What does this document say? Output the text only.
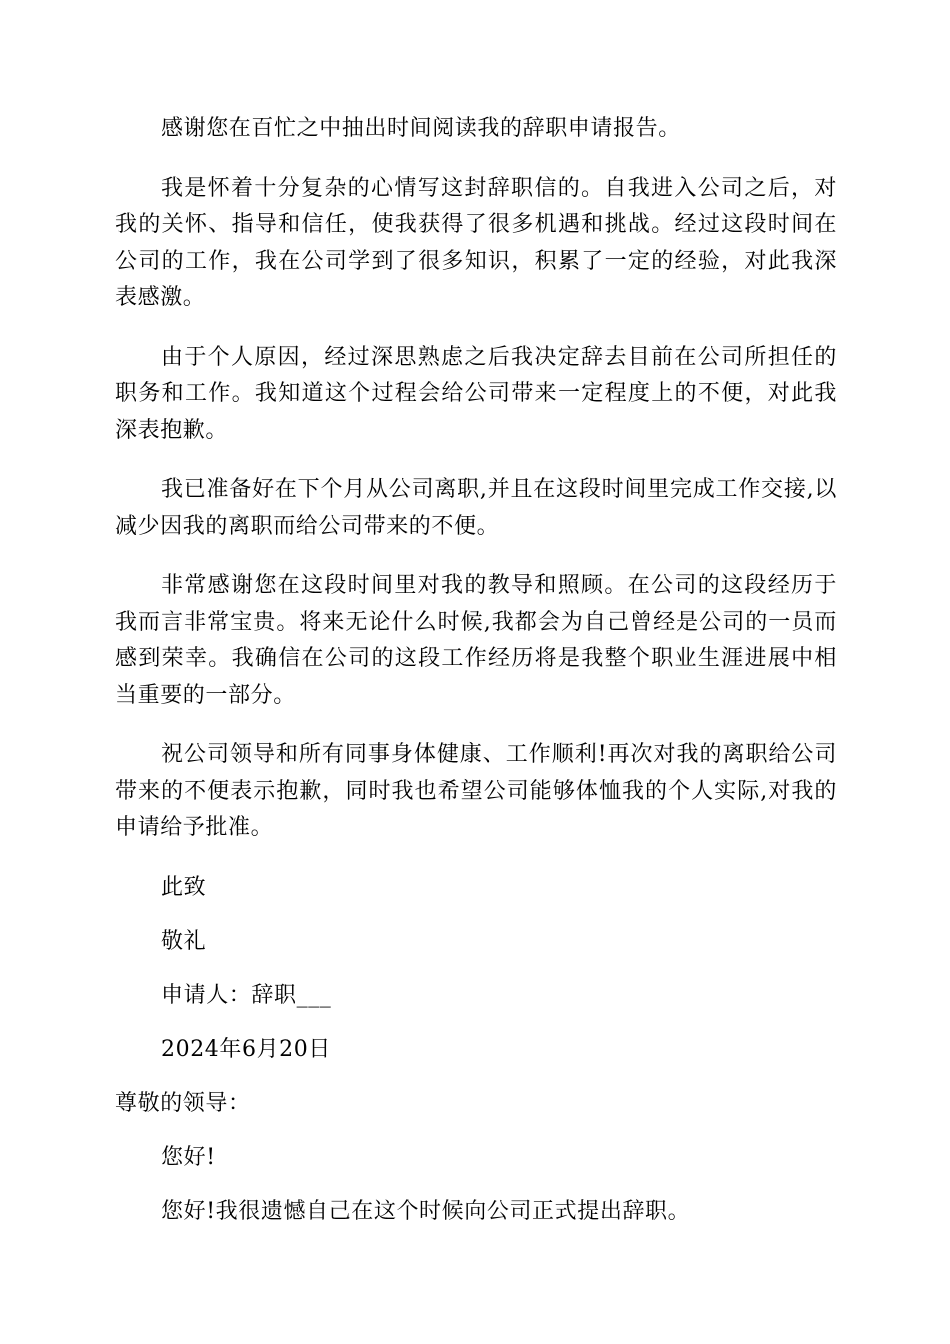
感谢您在百忙之中抽出时间阅读我的辞职申请报告。

我是怀着十分复杂的心情写这封辞职信的。自我进入公司之后，对我的关怀、指导和信任，使我获得了很多机遇和挑战。经过这段时间在公司的工作，我在公司学到了很多知识，积累了一定的经验，对此我深表感激。

由于个人原因，经过深思熟虑之后我决定辞去目前在公司所担任的职务和工作。我知道这个过程会给公司带来一定程度上的不便，对此我深表抱歉。

我已准备好在下个月从公司离职,并且在这段时间里完成工作交接,以减少因我的离职而给公司带来的不便。

非常感谢您在这段时间里对我的教导和照顾。在公司的这段经历于我而言非常宝贵。将来无论什么时候,我都会为自己曾经是公司的一员而感到荣幸。我确信在公司的这段工作经历将是我整个职业生涯进展中相当重要的一部分。

祝公司领导和所有同事身体健康、工作顺利!再次对我的离职给公司带来的不便表示抱歉，同时我也希望公司能够体恤我的个人实际,对我的申请给予批准。

此致

敬礼

申请人：辞职___

2024年6月20日

尊敬的领导：

您好!

您好!我很遗憾自己在这个时候向公司正式提出辞职。
